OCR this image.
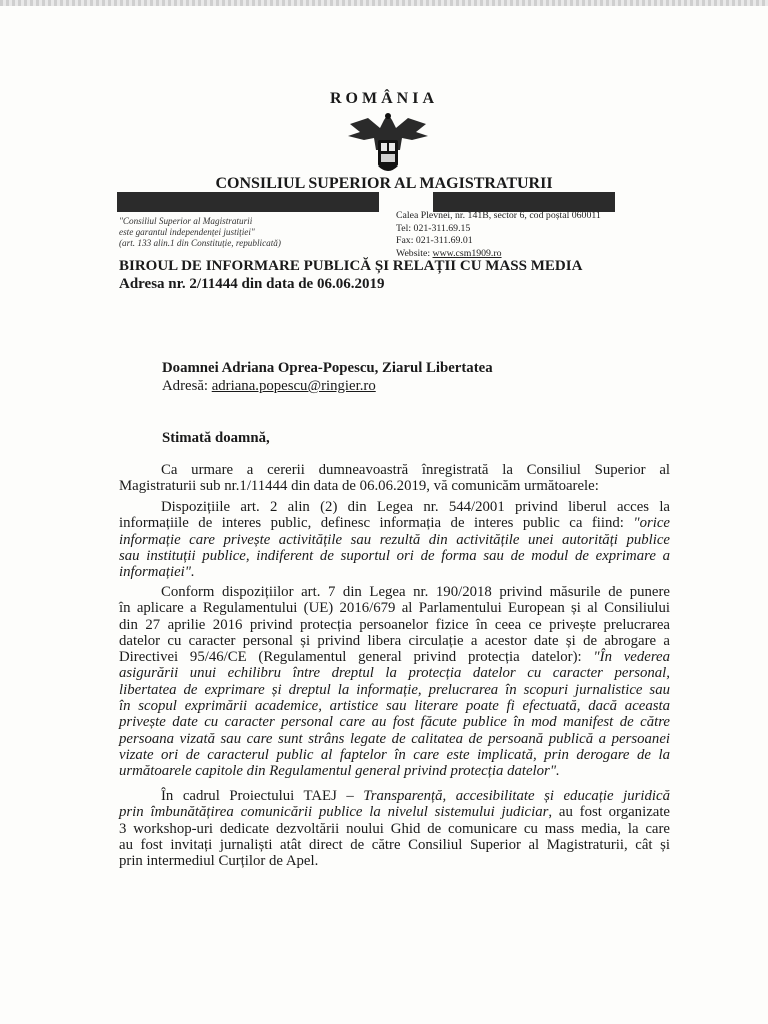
ROMÂNIA
CONSILIUL SUPERIOR AL MAGISTRATURII
"Consiliul Superior al Magistraturii
este garantul independenței justiției"
(art. 133 alin.1 din Constituție, republicată)
Calea Plevnei, nr. 141B, sector 6, cod poștal 060011
Tel: 021-311.69.15
Fax: 021-311.69.01
Website: www.csm1909.ro
BIROUL DE INFORMARE PUBLICĂ ȘI RELAȚII CU MASS MEDIA
Adresa nr. 2/11444 din data de 06.06.2019
Doamnei Adriana Oprea-Popescu, Ziarul Libertatea
Adresă: adriana.popescu@ringier.ro
Stimată doamnă,

Ca urmare a cererii dumneavoastră înregistrată la Consiliul Superior al

Magistraturii sub nr.1/11444 din data de 06.06.2019, vă comunicăm următoarele:

Dispozițiile art. 2 alin (2) din Legea nr. 544/2001 privind liberul acces la

informațiile de interes public, definesc informația de interes public ca fiind: "orice

informație care privește activitățile sau rezultă din activitățile unei autorități publice

sau instituții publice, indiferent de suportul ori de forma sau de modul de exprimare a

informației".

Conform dispozițiilor art. 7 din Legea nr. 190/2018 privind măsurile de punere

în aplicare a Regulamentului (UE) 2016/679 al Parlamentului European și al Consiliului

din 27 aprilie 2016 privind protecția persoanelor fizice în ceea ce privește prelucrarea

datelor cu caracter personal și privind libera circulație a acestor date și de abrogare a

Directivei 95/46/CE (Regulamentul general privind protecția datelor): "În vederea

asigurării unui echilibru între dreptul la protecția datelor cu caracter personal,

libertatea de exprimare și dreptul la informație, prelucrarea în scopuri jurnalistice sau

în scopul exprimării academice, artistice sau literare poate fi efectuată, dacă aceasta

privește date cu caracter personal care au fost făcute publice în mod manifest de către

persoana vizată sau care sunt strâns legate de calitatea de persoană publică a persoanei

vizate ori de caracterul public al faptelor în care este implicată, prin derogare de la

următoarele capitole din Regulamentul general privind protecția datelor".

În cadrul Proiectului TAEJ – Transparență, accesibilitate și educație juridică

prin îmbunătățirea comunicării publice la nivelul sistemului judiciar, au fost organizate

3 workshop-uri dedicate dezvoltării noului Ghid de comunicare cu mass media, la care

au fost invitați jurnaliști atât direct de către Consiliul Superior al Magistraturii, cât și

prin intermediul Curților de Apel.
